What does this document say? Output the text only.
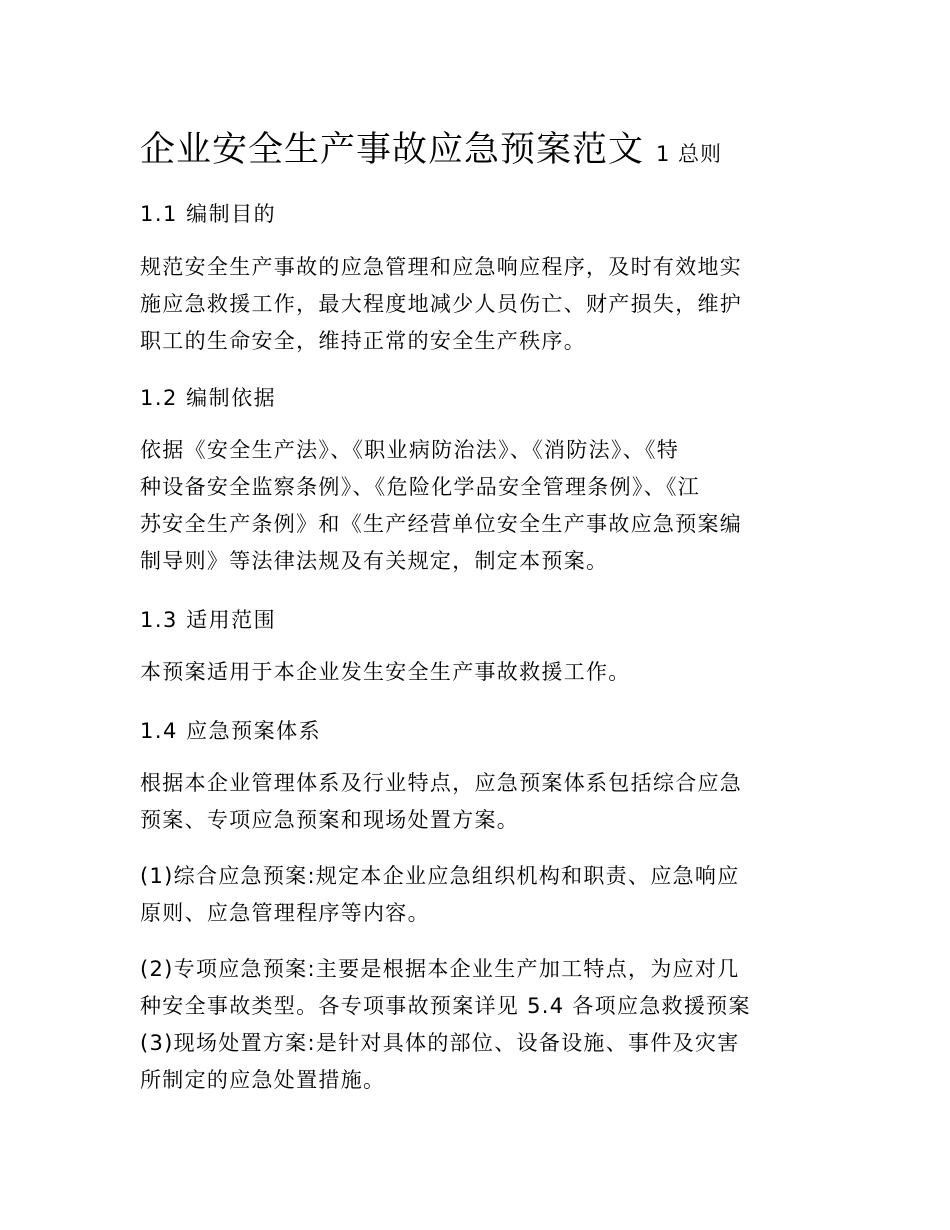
企业安全生产事故应急预案范文 1 总则
1.1 编制目的
规范安全生产事故的应急管理和应急响应程序，及时有效地实
施应急救援工作，最大程度地减少人员伤亡、财产损失，维护
职工的生命安全，维持正常的安全生产秩序。
1.2 编制依据
依据《安全生产法》、《职业病防治法》、《消防法》、《特
种设备安全监察条例》、《危险化学品安全管理条例》、《江
苏安全生产条例》和《生产经营单位安全生产事故应急预案编
制导则》等法律法规及有关规定，制定本预案。
1.3 适用范围
本预案适用于本企业发生安全生产事故救援工作。
1.4 应急预案体系
根据本企业管理体系及行业特点，应急预案体系包括综合应急
预案、专项应急预案和现场处置方案。
(1)综合应急预案:规定本企业应急组织机构和职责、应急响应
原则、应急管理程序等内容。
(2)专项应急预案:主要是根据本企业生产加工特点，为应对几
种安全事故类型。各专项事故预案详见 5.4 各项应急救援预案
(3)现场处置方案:是针对具体的部位、设备设施、事件及灾害
所制定的应急处置措施。
